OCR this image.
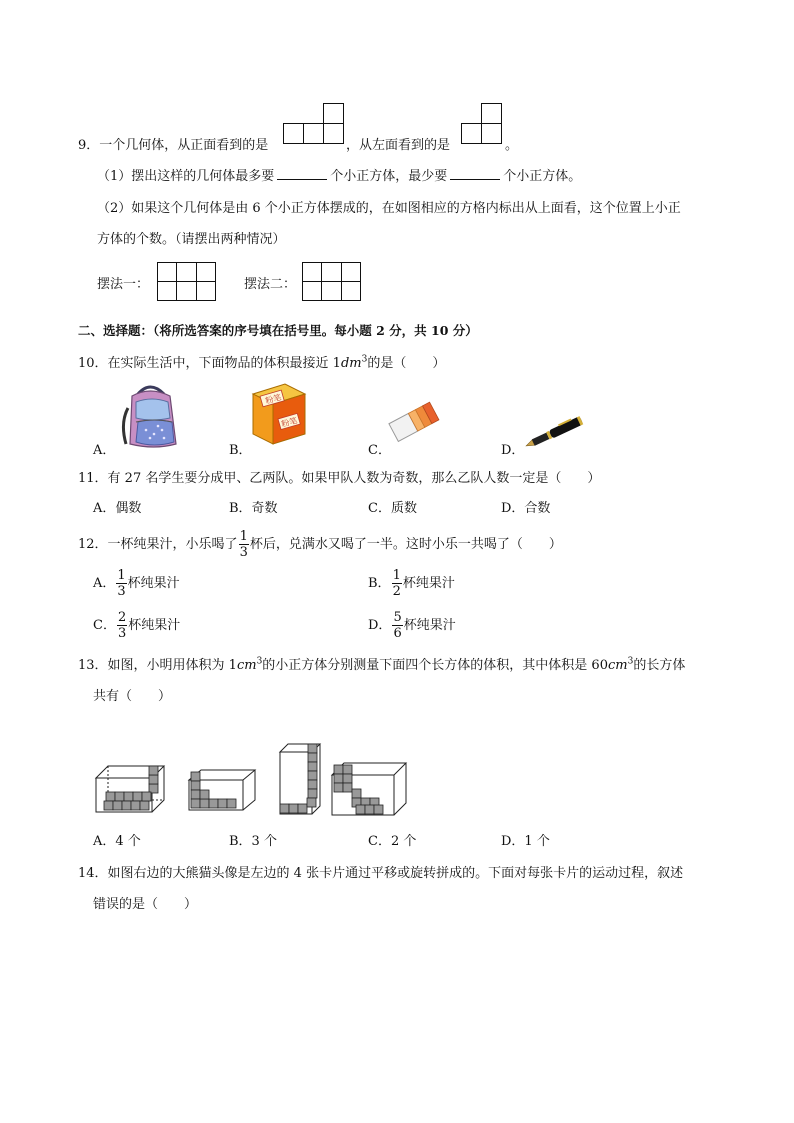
9．一个几何体，从正面看到的是	，从左面看到的是	。
（1）摆出这样的几何体最多要	个小正方体，最少要	个小正方体。
（2）如果这个几何体是由 6 个小正方体摆成的，在如图相应的方格内标出从上面看，这个位置上小正
方体的个数。（请摆出两种情况）
摆法一：	摆法二：
二、选择题：（将所选答案的序号填在括号里。每小题 2 分，共 10 分）
10．在实际生活中，下面物品的体积最接近 $1dm^3$的是（　　）
A．
粉笔
粉笔
B．	C．	D．
11．有 27 名学生要分成甲、乙两队。如果甲队人数为奇数，那么乙队人数一定是（　　）
A．偶数	B．奇数	C．质数	D．合数
12．一杯纯果汁，小乐喝了 $\frac{1}{3}$ 杯后，兑满水又喝了一半。这时小乐一共喝了（　　）
A． $\frac{1}{3}$ 杯纯果汁	B． $\frac{1}{2}$ 杯纯果汁
C． $\frac{2}{3}$ 杯纯果汁	D． $\frac{5}{6}$ 杯纯果汁
13．如图，小明用体积为 $1cm^3$的小正方体分别测量下面四个长方体的体积，其中体积是 $60cm^3$的长方体
共有（　　）
A．4 个	B．3 个	C．2 个	D．1 个
14．如图右边的大熊猫头像是左边的 4 张卡片通过平移或旋转拼成的。下面对每张卡片的运动过程，叙述
错误的是（　　）
